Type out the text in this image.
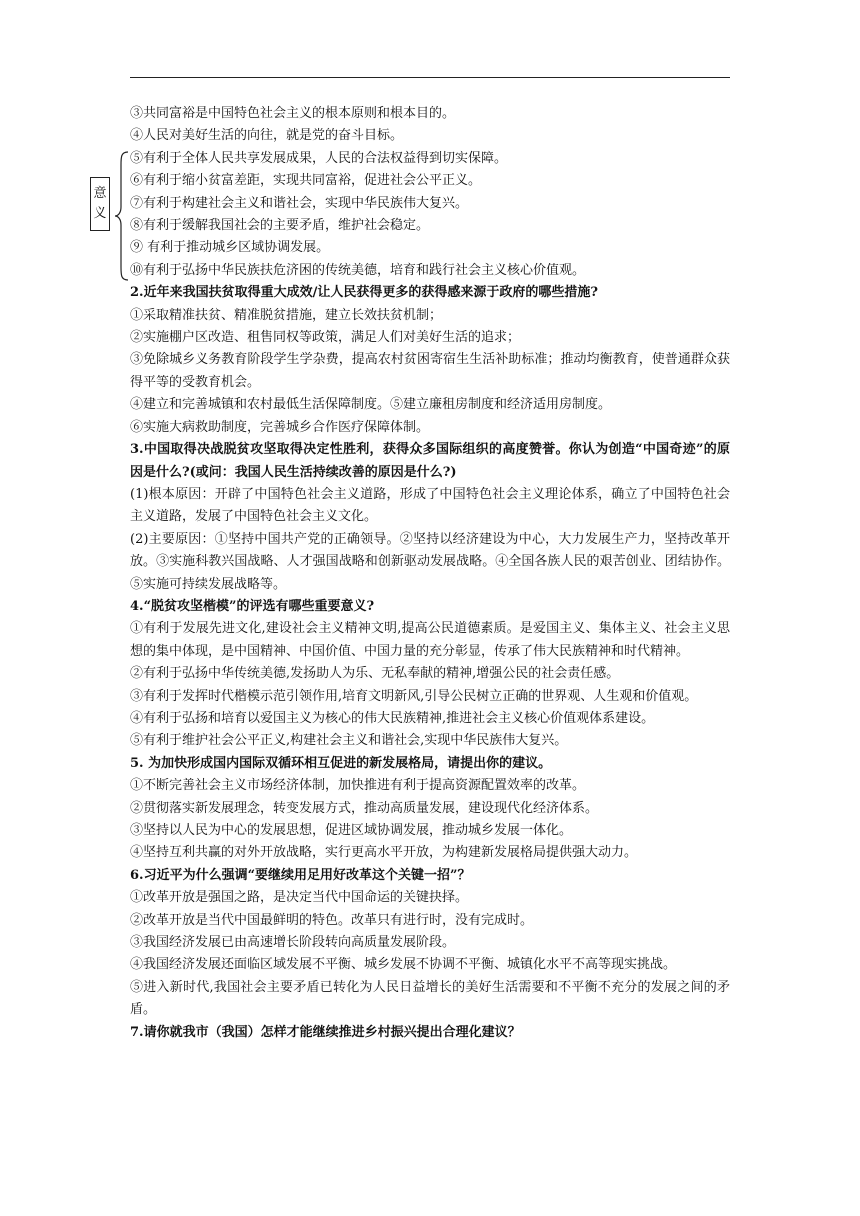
意
义

③共同富裕是中国特色社会主义的根本原则和根本目的。

④人民对美好生活的向往，就是党的奋斗目标。

⑤有利于全体人民共享发展成果，人民的合法权益得到切实保障。

⑥有利于缩小贫富差距，实现共同富裕，促进社会公平正义。

⑦有利于构建社会主义和谐社会，实现中华民族伟大复兴。

⑧有利于缓解我国社会的主要矛盾，维护社会稳定。

⑨ 有利于推动城乡区域协调发展。

⑩有利于弘扬中华民族扶危济困的传统美德，培育和践行社会主义核心价值观。

2.近年来我国扶贫取得重大成效/让人民获得更多的获得感来源于政府的哪些措施?

①采取精准扶贫、精准脱贫措施，建立长效扶贫机制；

②实施棚户区改造、租售同权等政策，满足人们对美好生活的追求；

③免除城乡义务教育阶段学生学杂费，提高农村贫困寄宿生生活补助标准；推动均衡教育，使普通群众获得平等的受教育机会。

④建立和完善城镇和农村最低生活保障制度。⑤建立廉租房制度和经济适用房制度。

⑥实施大病救助制度，完善城乡合作医疗保障体制。

3.中国取得决战脱贫攻坚取得决定性胜利，获得众多国际组织的高度赞誉。你认为创造“中国奇迹”的原因是什么?(或问：我国人民生活持续改善的原因是什么?)

(1)根本原因：开辟了中国特色社会主义道路，形成了中国特色社会主义理论体系，确立了中国特色社会主义道路，发展了中国特色社会主义文化。

(2)主要原因：①坚持中国共产党的正确领导。②坚持以经济建设为中心，大力发展生产力，坚持改革开放。③实施科教兴国战略、人才强国战略和创新驱动发展战略。④全国各族人民的艰苦创业、团结协作。⑤实施可持续发展战略等。

4.“脱贫攻坚楷模”的评选有哪些重要意义?

①有利于发展先进文化,建设社会主义精神文明,提高公民道德素质。是爱国主义、集体主义、社会主义思想的集中体现，是中国精神、中国价值、中国力量的充分彰显，传承了伟大民族精神和时代精神。

②有利于弘扬中华传统美德,发扬助人为乐、无私奉献的精神,增强公民的社会责任感。

③有利于发挥时代楷模示范引领作用,培育文明新风,引导公民树立正确的世界观、人生观和价值观。

④有利于弘扬和培育以爱国主义为核心的伟大民族精神,推进社会主义核心价值观体系建设。

⑤有利于维护社会公平正义,构建社会主义和谐社会,实现中华民族伟大复兴。

5. 为加快形成国内国际双循环相互促进的新发展格局，请提出你的建议。

①不断完善社会主义市场经济体制，加快推进有利于提高资源配置效率的改革。

②贯彻落实新发展理念，转变发展方式，推动高质量发展，建设现代化经济体系。

③坚持以人民为中心的发展思想，促进区域协调发展，推动城乡发展一体化。

④坚持互利共赢的对外开放战略，实行更高水平开放，为构建新发展格局提供强大动力。

6.习近平为什么强调“要继续用足用好改革这个关键一招”？

①改革开放是强国之路，是决定当代中国命运的关键抉择。

②改革开放是当代中国最鲜明的特色。改革只有进行时，没有完成时。

③我国经济发展已由高速增长阶段转向高质量发展阶段。

④我国经济发展还面临区域发展不平衡、城乡发展不协调不平衡、城镇化水平不高等现实挑战。

⑤进入新时代,我国社会主要矛盾已转化为人民日益增长的美好生活需要和不平衡不充分的发展之间的矛盾。

7.请你就我市（我国）怎样才能继续推进乡村振兴提出合理化建议？
